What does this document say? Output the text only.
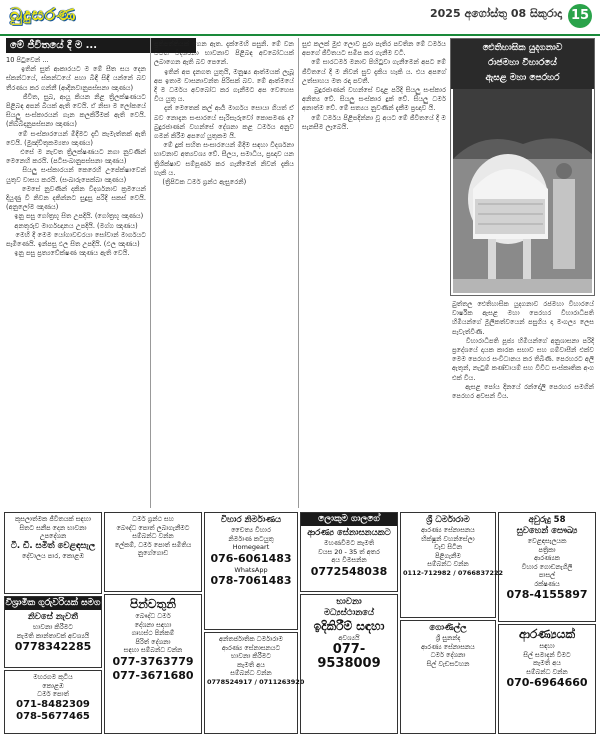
බුදුසරණ	2025 අගෝස්තු 08 සිකුරාදා 15
මේ ජීවිතයේ දී ම ...
10 පිටුවෙන් ...
ඉතින් සුත් ආකාරයට ම මේ සීත සය දෙන ස්කන්ධයේ, ස්කන්ධයේ පහා බිඳී සිඳී යන්නේ බව තීරණය කර ගන්නී (ආදීනවානුපස්සනා ඤාණය)
ජීවිත, සුඛ, ආයු කියන නිළ ත්‍රිලක්ෂණයට පිළිබඳ අපන් බියක් ඇති වෙයි. ඒ නිසා ම ලෝකයේ සියලු සංස්කාරයන් ගැන කලකිරීමක් ඇති වෙයි. (නිබ්බිදානුපස්සනා ඤාණය)
මේ සංස්කාරයෙන් මිදීමට දැඩි කැමැත්තක් ඇති වෙයි. (මුඤ්චිතුකම්‍යතා ඤාණය)
එසේ ම නැවත ත්‍රිලක්ෂණයට නගා නුවණින් මෙනෙහි කරයි. (පටිසංඛානුපස්සනා ඤාණය)
සියලු සංස්කාරයන් කෙරෙහි උපේක්ෂාවෙන් යුතුව වාසය කරයි. (සංඛාරුපෙක්ඛා ඤාණය)
මෙසේ නුවණින් දකින විදර්ශනාව ක්‍රමයෙන් දියුණු වී නිවන දකින්නට සුදුසු පරිදි සකස් වෙයි. (අනුලෝම ඤාණය)
ඉනු පසු ගෝත්‍රභූ සිත උපදියි. (ගෝත්‍රභූ ඤාණය)
අනතුරුව මාර්ගඥානය උපදියි. (මග්ග ඤාණය)
මෙහි දී මෙම යෝගාවචරයා සෝවාන් මාර්ගයට පැමිණෙයි. ඉන්පසු ඵල සිත උපදියි. (ඵල ඤාණය)
ඉනු පසු ප්‍රත්‍යවේක්ෂණ ඤාණය ඇති වෙයි.
ප්‍රතිපත්තියක් ගෙන ඇත. දැක්මෙහි පසුනි. මේ වන විටත් විදර්ශනා භාවනාව පිළිබඳ අවබෝධයක් ලබාගෙන ඇති බව පෙනේ.
ඉතින් අප දැනගත යුතුයි, මනුෂ්‍ය ආත්මයක් ලැබූ අප ඉතාම වාසනාවන්ත පිරිසක් බව. මේ ආත්මයේ දී ම ධර්මය අවබෝධ කර ගැනීමට අප වෙහෙස විය යුතු ය.
දැන් මෙතෙක් කල් ආර්‍ය මාර්ගය සොයා ගියත් ඒ බව නොදැන සංසාරයේ සැරිසැරුවෝ කොපමණ ද? බුදුරජාණන් වහන්සේ දේශනා කළ ධර්මය අනුව ගමන් කිරීම අපගේ යුතුකම යි.
මේ දුක් සහිත සංසාරයෙන් මිදීම සඳහා විදර්ශනා භාවනාව අත්‍යවශ්‍ය වේ. සීලය, සමාධිය, ප්‍රඥාව යන ත්‍රිශික්ෂාව සම්පූර්ණ කර ගැනීමෙන් නිවන් දැකිය හැකි ය.
(ත්‍රිපිටක ධර්ම ග්‍රන්ථ ඇසුරෙනි)
සුළු කලක් මුළු ලොව පුරා පැතිර පවතින මේ ධර්මය අපගේ ජීවිතයට සමීප කර ගැනීම වටී.
මේ සාරධර්ම මනාව පිහිටුවා ගැනීමෙන් අපට මේ ජීවිතයේ දී ම නිවන් සුව දැකිය හැකි ය. එය අපගේ උත්සාහය මත රඳා පවතී.
බුදුරජාණන් වහන්සේ වදාළ පරිදි සියලු සංස්කාර අනිත්‍ය වේ. සියලු සංස්කාර දුක් වේ. සියලු ධර්ම අනාත්ම වේ. මේ සත්‍යය නුවණින් දැකීම ප්‍රඥාව යි.
මේ ධර්මය පිළිපදින්නා වූ අයට මේ ජීවිතයේ දී ම සැනසීම ලැබෙයි.
ඓතිහාසික යුදගනාව
රාජමහා විහාරයේ
ඇසළ මහා පෙරහර
බුත්තල ඓතිහාසික යුදගනාව රජමහා විහාරයේ වාර්ෂික ඇසළ මහා පෙරහර විහාරාධිපති හිමියන්ගේ මූලිකත්වයෙන් පසුගිය දා මංගල්‍ය ලෙස පැවැත්විණි.
විහාරාධිපති පූජ්‍ය හිමියන්ගේ අනුශාසනා පරිදි ප්‍රදේශයේ දායක කාරක සභාව සහ ගම්වාසීන් එක්ව මෙම පෙරහර සංවිධානය කර තිබිණි. පෙරහරට අලි ඇතුන්, නැටුම් කණ්ඩායම් සහ විවිධ සංස්කෘතික අංග එක් විය.
ඇසළ පෝය දිනයේ රන්දෝලි පෙරහර සමගින් පෙරහර අවසන් විය.
කුසලාත්මක ජීවිතයක් සඳහා
සිතට සනීප දෙන භාවනා
උපදේශන
ටී. ඩී. සමිත් වෙළඳසැල
දේවාලය පාර, කොළඹ
ධර්ම ග්‍රන්ථ සහ
බෞද්ධ පොත් ලබාගැනීමට
සම්බන්ධ වන්න
ලේකම්, ධර්ම පොත් සමිතිය
නුගේගොඩ
විහාර නිර්මාණය
චෛත්‍ය විහාර
නිර්මාණ කටයුතු
Homegeart
076-6061483
WhatsApp
078-7061483
ලොකුම ගාලගේ
ආරණ්‍ය සේනාසනයකට
මහණවීමට කැමති
වයස 20 - 35 ත් අතර
අය විමසන්න
0772548038
ශ්‍රී ධර්මාරාම
ආරණ්‍ය සේනාසනය
භික්ෂූන් වහන්සේලා
වැඩ සිටින
පිළිගැනීම
සම්බන්ධ වන්න
0112-712982 / 0766837222
අවුරුදු 58
සුවහෙන් සෞඛ්‍ය
වෙළඳසැලයක
පත්‍රිකා
ආරණ්‍යක
විහාර ගොඩනැගිලි
පාසල්
රක්ෂණය
078-4155897
විශ්‍රාමික ගුරුවරියක් සමග
නිවසේ නැවතී
භාවනා කිරීමට
කැමති කාන්තාවක් අවශ්‍යයි
0778342285
පින්වතුනි
බෞද්ධ ධර්ම
දේශනා සඳහා
ගෘහස්ථ පින්කම්
පිරිත් දේශනා
සඳහා සම්බන්ධ වන්න
077-3763779
077-3671680
අන්තර්ජාතික ධර්මාරාම
ආරණ්‍ය සේනාසනයට
භාවනා කිරීමට
කැමති අය
සම්බන්ධ වන්න
0778524917 / 0711263920
භාවනා
මධ්‍යස්ථානයේ
ඉදිකිරීම් සඳහා
අවශ්‍යයි
077- 9538009
ගොණිල්ල
ශ්‍රී සුනන්ද
ආරණ්‍ය සේනාසනය
ධර්ම දේශනා
සිල් වැඩසටහන
ආරණ්‍යයක්
සඳහා
සිල් සමාදන් වීමට
කැමති අය
සම්බන්ධ වන්න
070-6964660
මහරගම කුටිය
කොළඹ
ධර්ම පොත්
071-8482309
078-5677465
